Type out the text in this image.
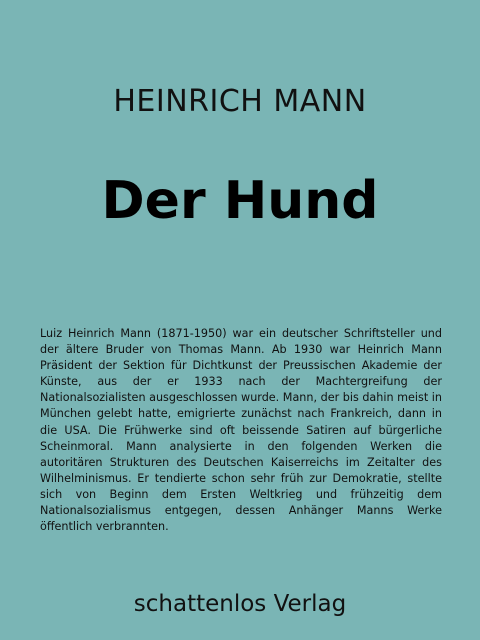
HEINRICH MANN
Der Hund
Luiz Heinrich Mann (1871-1950) war ein deutscher Schriftsteller und der ältere Bruder von Thomas Mann. Ab 1930 war Heinrich Mann Präsident der Sektion für Dichtkunst der Preussischen Akademie der Künste, aus der er 1933 nach der Machtergreifung der Nationalsozialisten ausgeschlossen wurde. Mann, der bis dahin meist in München gelebt hatte, emigrierte zunächst nach Frankreich, dann in die USA. Die Frühwerke sind oft beissende Satiren auf bürgerliche Scheinmoral. Mann analysierte in den folgenden Werken die autoritären Strukturen des Deutschen Kaiserreichs im Zeitalter des Wilhelminismus. Er tendierte schon sehr früh zur Demokratie, stellte sich von Beginn dem Ersten Weltkrieg und frühzeitig dem Nationalsozialismus entgegen, dessen Anhänger Manns Werke öffentlich verbrannten.
schattenlos Verlag
